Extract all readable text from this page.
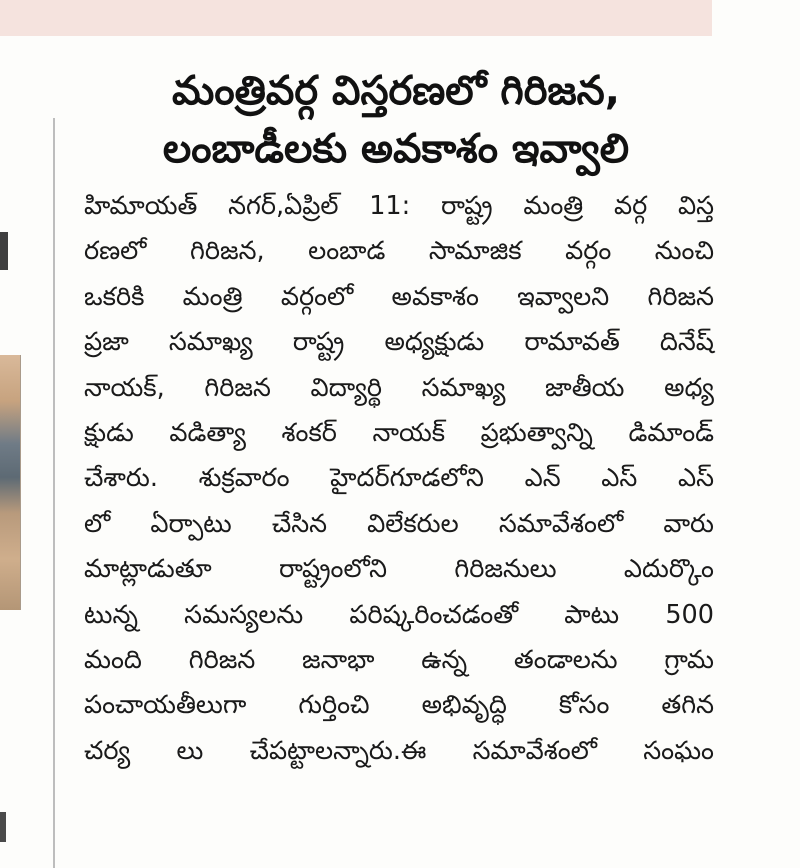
మంత్రివర్గ విస్తరణలో గిరిజన,
లంబాడీలకు అవకాశం ఇవ్వాలి

హిమాయత్ నగర్,ఏప్రిల్ 11: రాష్ట్ర మంత్రి వర్గ విస్త
రణలో గిరిజన, లంబాడ సామాజిక వర్గం నుంచి
ఒకరికి మంత్రి వర్గంలో అవకాశం ఇవ్వాలని గిరిజన
ప్రజా సమాఖ్య రాష్ట్ర అధ్యక్షుడు రామావత్ దినేష్
నాయక్, గిరిజన విద్యార్థి సమాఖ్య జాతీయ అధ్య
క్షుడు వడిత్యా శంకర్ నాయక్ ప్రభుత్వాన్ని డిమాండ్
చేశారు. శుక్రవారం హైదర్‌గూడలోని ఎన్ ఎస్ ఎస్
లో ఏర్పాటు చేసిన విలేకరుల సమావేశంలో వారు
మాట్లాడుతూ రాష్ట్రంలోని గిరిజనులు ఎదుర్కొం
టున్న సమస్యలను పరిష్కరించడంతో పాటు 500
మంది గిరిజన జనాభా ఉన్న తండాలను గ్రామ
పంచాయతీలుగా గుర్తించి అభివృద్ధి కోసం తగిన
చర్య లు చేపట్టాలన్నారు.ఈ సమావేశంలో సంఘం
